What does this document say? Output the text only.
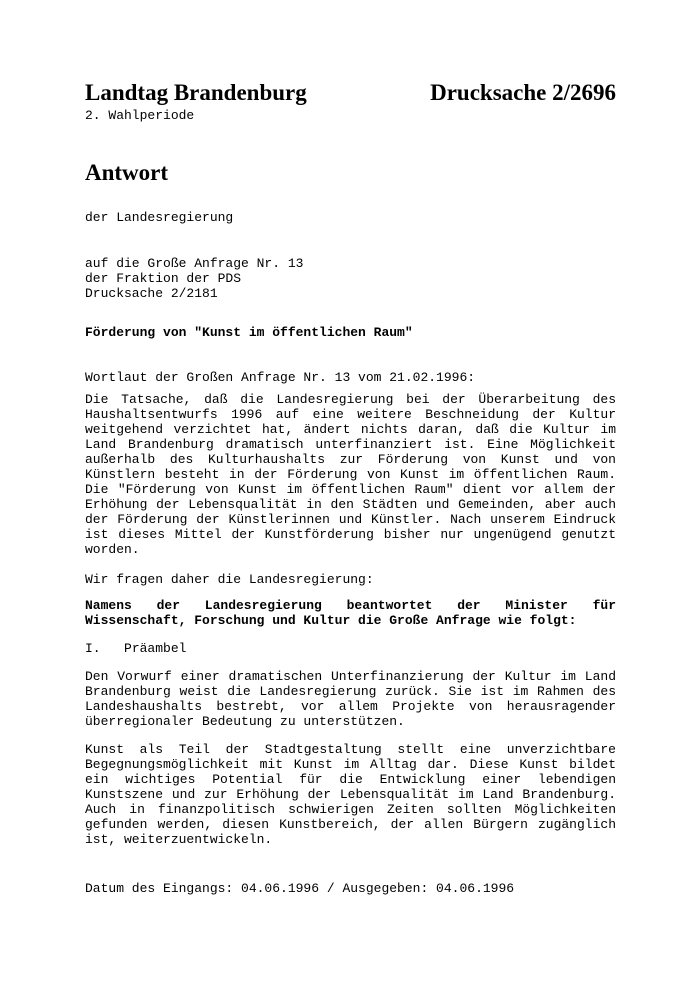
Landtag Brandenburg	Drucksache 2/2696
2. Wahlperiode
Antwort
der Landesregierung
auf die Große Anfrage Nr. 13
der Fraktion der PDS
Drucksache 2/2181
Förderung von "Kunst im öffentlichen Raum"
Wortlaut der Großen Anfrage Nr. 13 vom 21.02.1996:
Die Tatsache, daß die Landesregierung bei der Überarbeitung des Haushaltsentwurfs 1996 auf eine weitere Beschneidung der Kultur weitgehend verzichtet hat, ändert nichts daran, daß die Kultur im Land Brandenburg dramatisch unterfinanziert ist. Eine Möglichkeit außerhalb des Kulturhaushalts zur Förderung von Kunst und von Künstlern besteht in der Förderung von Kunst im öffentlichen Raum. Die "Förderung von Kunst im öffentlichen Raum" dient vor allem der Erhöhung der Lebensqualität in den Städten und Gemeinden, aber auch der Förderung der Künstlerinnen und Künstler. Nach unserem Eindruck ist dieses Mittel der Kunstförderung bisher nur ungenügend genutzt worden.
Wir fragen daher die Landesregierung:
Namens der Landesregierung beantwortet der Minister für Wissenschaft, Forschung und Kultur die Große Anfrage wie folgt:
I. Präambel
Den Vorwurf einer dramatischen Unterfinanzierung der Kultur im Land Brandenburg weist die Landesregierung zurück. Sie ist im Rahmen des Landeshaushalts bestrebt, vor allem Projekte von herausragender überregionaler Bedeutung zu unterstützen.
Kunst als Teil der Stadtgestaltung stellt eine unverzichtbare Begegnungsmöglichkeit mit Kunst im Alltag dar. Diese Kunst bildet ein wichtiges Potential für die Entwicklung einer lebendigen Kunstszene und zur Erhöhung der Lebensqualität im Land Brandenburg. Auch in finanzpolitisch schwierigen Zeiten sollten Möglichkeiten gefunden werden, diesen Kunstbereich, der allen Bürgern zugänglich ist, weiterzuentwickeln.
Datum des Eingangs: 04.06.1996 / Ausgegeben: 04.06.1996
